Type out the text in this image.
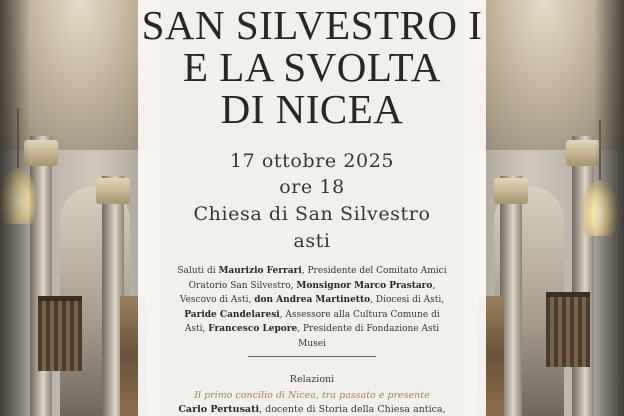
SAN SILVESTRO I
E LA SVOLTA
DI NICEA

17 ottobre 2025

ore 18

Chiesa di San Silvestro

asti

Saluti di Maurizio Ferrari, Presidente del Comitato Amici Oratorio San Silvestro, Monsignor Marco Prastaro, Vescovo di Asti, don Andrea Martinetto, Diocesi di Asti, Paride Candelaresi, Assessore alla Cultura Comune di Asti, Francesco Lepore, Presidente di Fondazione Asti Musei

Relazioni

Il primo concilio di Nicea, tra passato e presente

Carlo Pertusati, docente di Storia della Chiesa antica,
